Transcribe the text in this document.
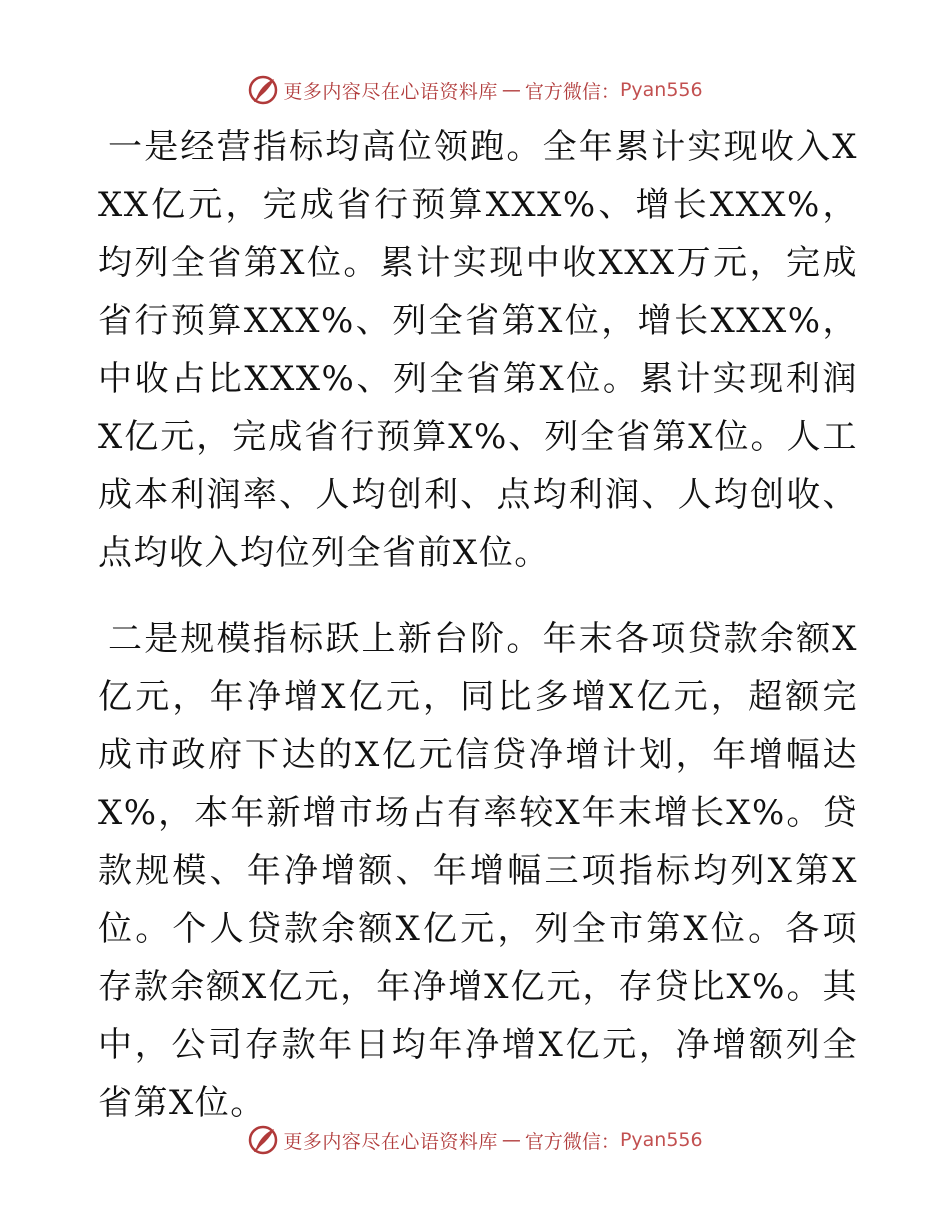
更多内容尽在心语资料库 — 官方微信： Pyan556

一是经营指标均高位领跑。全年累计实现收入XXX亿元，完成省行预算XXX%、增长XXX%，均列全省第X位。累计实现中收XXX万元，完成省行预算XXX%、列全省第X位，增长XXX%，中收占比XXX%、列全省第X位。累计实现利润X亿元，完成省行预算X%、列全省第X位。人工成本利润率、人均创利、点均利润、人均创收、点均收入均位列全省前X位。

二是规模指标跃上新台阶。年末各项贷款余额X亿元，年净增X亿元，同比多增X亿元，超额完成市政府下达的X亿元信贷净增计划，年增幅达X%，本年新增市场占有率较X年末增长X%。贷款规模、年净增额、年增幅三项指标均列X第X位。个人贷款余额X亿元，列全市第X位。各项存款余额X亿元，年净增X亿元，存贷比X%。其中，公司存款年日均年净增X亿元，净增额列全省第X位。

更多内容尽在心语资料库 — 官方微信： Pyan556
